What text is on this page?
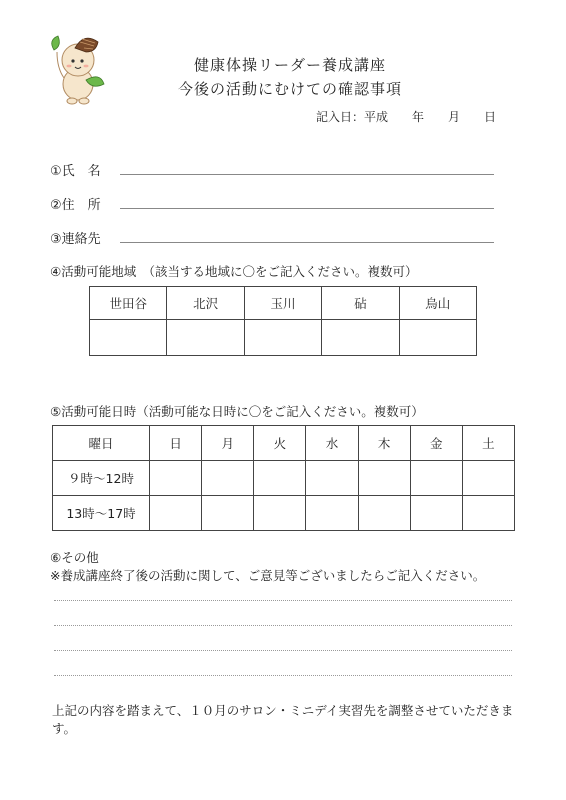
健康体操リーダー養成講座
今後の活動にむけての確認事項
記入日：平成　　年　　月　　日
①氏　名
②住　所
③連絡先
④活動可能地域　（該当する地域に〇をご記入ください。複数可）
世田谷	北沢	玉川	砧	烏山

⑤活動可能日時（活動可能な日時に〇をご記入ください。複数可）
曜日	日	月	火	水	木	金	土
９時～12時							
13時～17時							
⑥その他
※養成講座終了後の活動に関して、ご意見等ございましたらご記入ください。
上記の内容を踏まえて、１０月のサロン・ミニデイ実習先を調整させていただきます。
